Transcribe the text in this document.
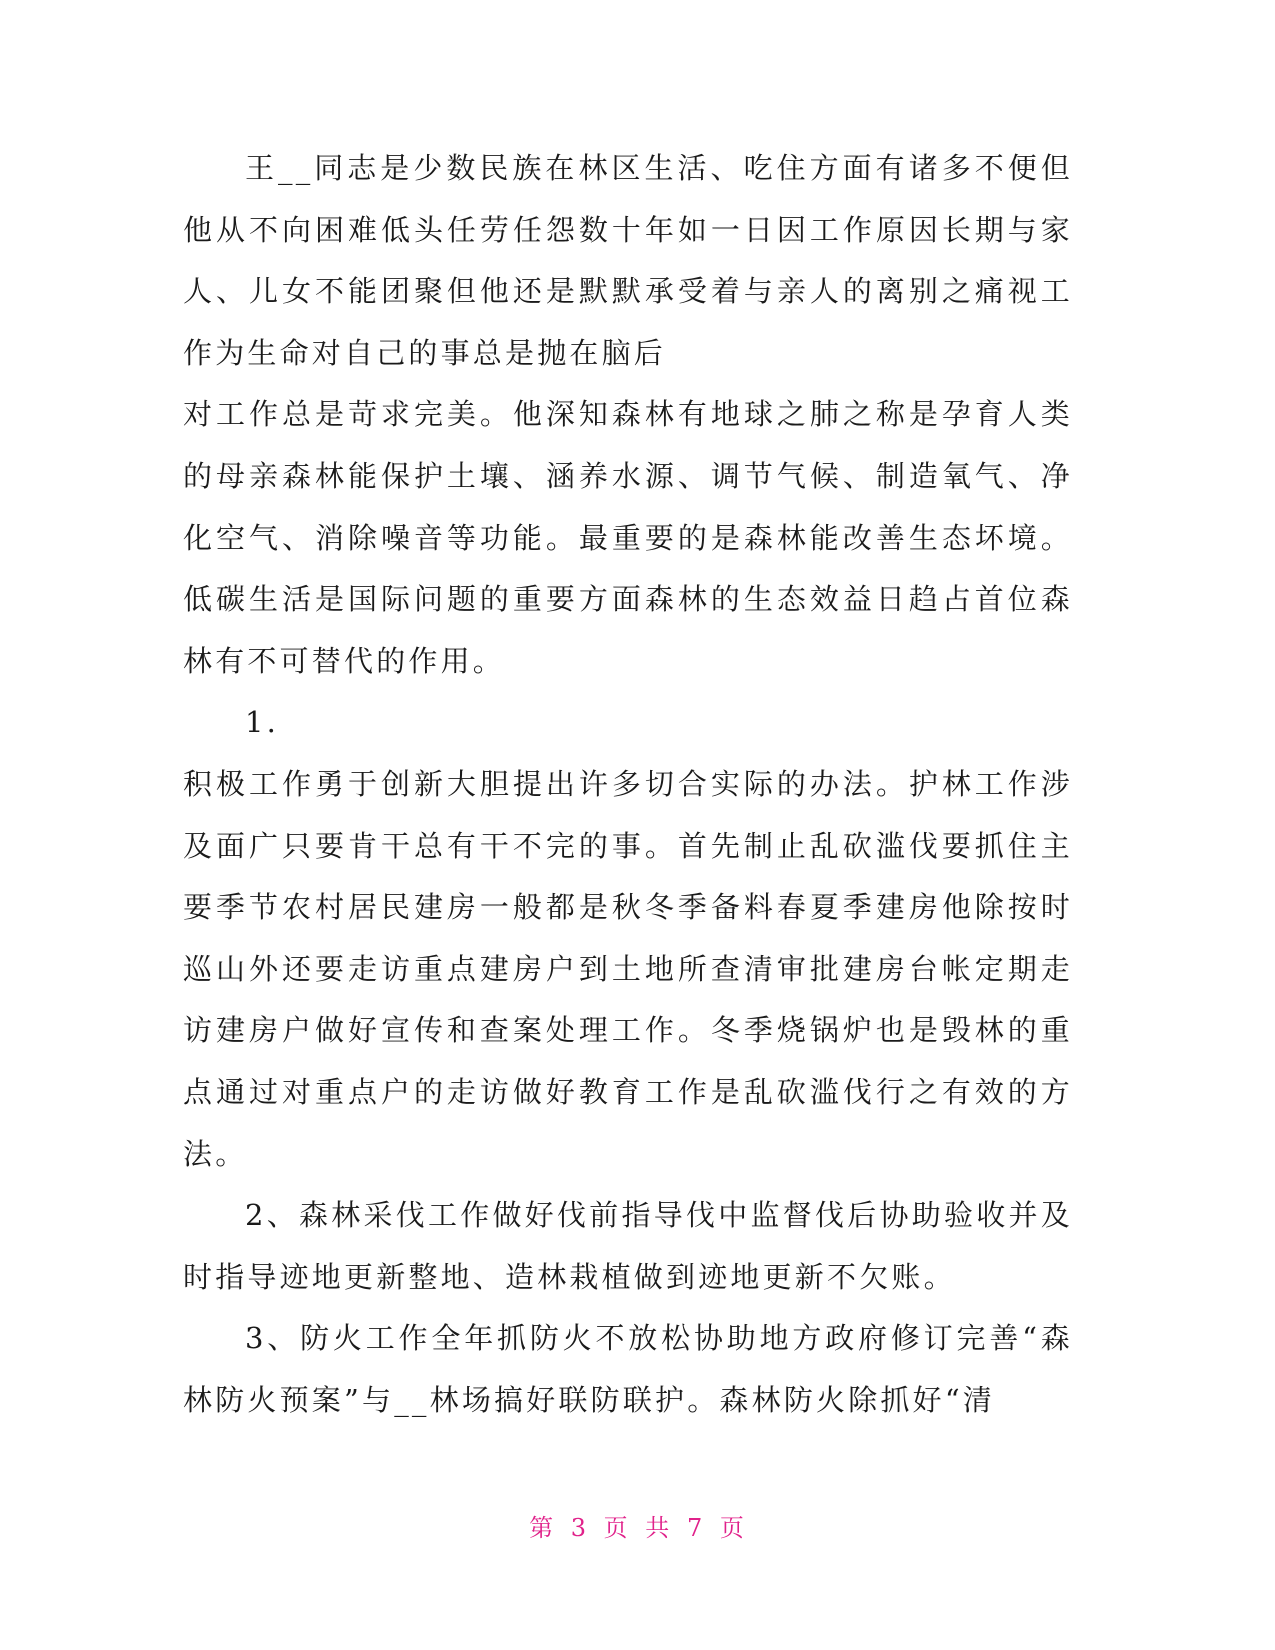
王__同志是少数民族在林区生活、吃住方面有诸多不便但他从不向困难低头任劳任怨数十年如一日因工作原因长期与家人、儿女不能团聚但他还是默默承受着与亲人的离别之痛视工作为生命对自己的事总是抛在脑后

对工作总是苛求完美。他深知森林有地球之肺之称是孕育人类的母亲森林能保护土壤、涵养水源、调节气候、制造氧气、净化空气、消除噪音等功能。最重要的是森林能改善生态坏境。低碳生活是国际问题的重要方面森林的生态效益日趋占首位森林有不可替代的作用。

1.

积极工作勇于创新大胆提出许多切合实际的办法。护林工作涉及面广只要肯干总有干不完的事。首先制止乱砍滥伐要抓住主要季节农村居民建房一般都是秋冬季备料春夏季建房他除按时巡山外还要走访重点建房户到土地所查清审批建房台帐定期走访建房户做好宣传和查案处理工作。冬季烧锅炉也是毁林的重点通过对重点户的走访做好教育工作是乱砍滥伐行之有效的方法。

2、森林采伐工作做好伐前指导伐中监督伐后协助验收并及时指导迹地更新整地、造林栽植做到迹地更新不欠账。

3、防火工作全年抓防火不放松协助地方政府修订完善“森林防火预案”与__林场搞好联防联护。森林防火除抓好“清

第 3 页 共 7 页
